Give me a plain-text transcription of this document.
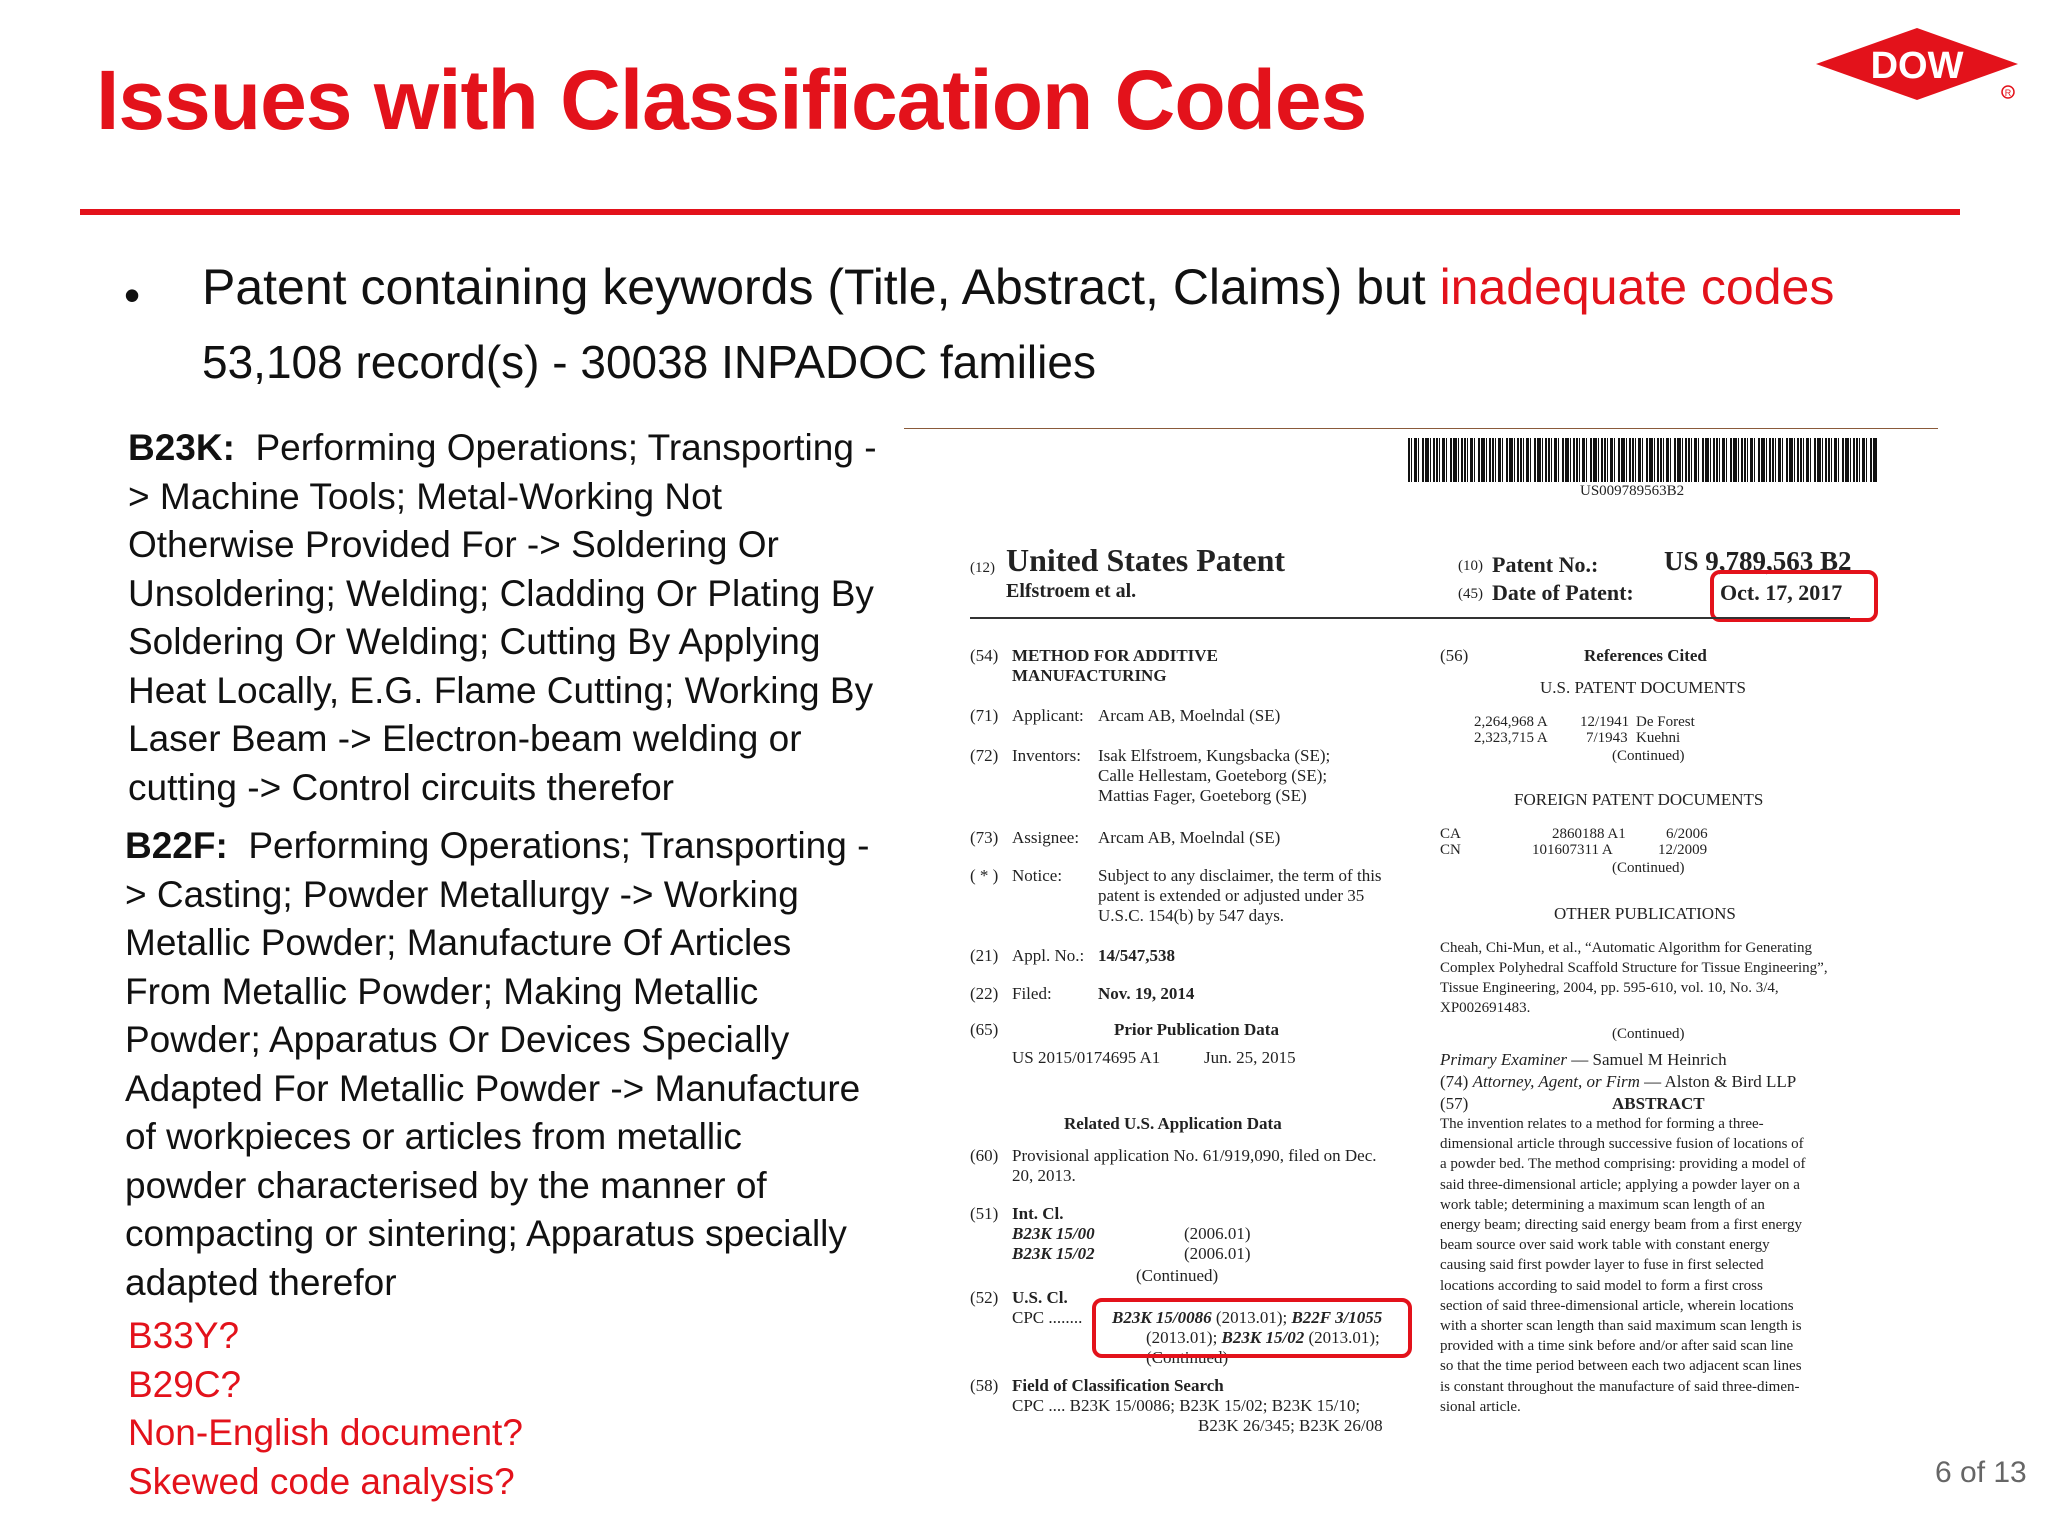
Issues with Classification Codes	DOW
R
• Patent containing keywords (Title, Abstract, Claims) but inadequate codes
53,108 record(s) - 30038 INPADOC families
B23K: Performing Operations; Transporting -
> Machine Tools; Metal-Working Not
Otherwise Provided For -> Soldering Or
Unsoldering; Welding; Cladding Or Plating By
Soldering Or Welding; Cutting By Applying
Heat Locally, E.G. Flame Cutting; Working By
Laser Beam -> Electron-beam welding or
cutting -> Control circuits therefor
B22F: Performing Operations; Transporting -
> Casting; Powder Metallurgy -> Working
Metallic Powder; Manufacture Of Articles
From Metallic Powder; Making Metallic
Powder; Apparatus Or Devices Specially
Adapted For Metallic Powder -> Manufacture
of workpieces or articles from metallic
powder characterised by the manner of
compacting or sintering; Apparatus specially
adapted therefor
B33Y?
B29C?
Non-English document?
Skewed code analysis?	6 of 13
US009789563B2
(12) United States Patent
Elfstroem et al.
(10) Patent No.: US 9,789,563 B2
(45) Date of Patent:	Oct. 17, 2017
(54) METHOD FOR ADDITIVE
MANUFACTURING
(71) Applicant: Arcam AB, Moelndal (SE)
(72) Inventors: Isak Elfstroem, Kungsbacka (SE);
Calle Hellestam, Goeteborg (SE);
Mattias Fager, Goeteborg (SE)
(73) Assignee: Arcam AB, Moelndal (SE)
( * ) Notice: Subject to any disclaimer, the term of this
patent is extended or adjusted under 35
U.S.C. 154(b) by 547 days.
(21) Appl. No.: 14/547,538
(22) Filed:	Nov. 19, 2014
(65)	Prior Publication Data
US 2015/0174695 A1	Jun. 25, 2015
Related U.S. Application Data
(60) Provisional application No. 61/919,090, filed on Dec.
20, 2013.
(51) Int. Cl.
B23K 15/00	(2006.01)
B23K 15/02	(2006.01)
(Continued)
(52) U.S. Cl.
CPC ........ B23K 15/0086 (2013.01); B22F 3/1055
(2013.01); B23K 15/02 (2013.01);
(Continued)
(58) Field of Classification Search
CPC .... B23K 15/0086; B23K 15/02; B23K 15/10;
B23K 26/345; B23K 26/08
(56)	References Cited
U.S. PATENT DOCUMENTS
2,264,968 A 12/1941 De Forest
2,323,715 A	7/1943 Kuehni
(Continued)
FOREIGN PATENT DOCUMENTS
CA	2860188 A1	6/2006
CN	101607311 A	12/2009
(Continued)
OTHER PUBLICATIONS
Cheah, Chi-Mun, et al., “Automatic Algorithm for Generating
Complex Polyhedral Scaffold Structure for Tissue Engineering”,
Tissue Engineering, 2004, pp. 595-610, vol. 10, No. 3/4,
XP002691483.
(Continued)
Primary Examiner — Samuel M Heinrich
(74) Attorney, Agent, or Firm — Alston & Bird LLP
(57)	ABSTRACT
The invention relates to a method for forming a three-
dimensional article through successive fusion of locations of
a powder bed. The method comprising: providing a model of
said three-dimensional article; applying a powder layer on a
work table; determining a maximum scan length of an
energy beam; directing said energy beam from a first energy
beam source over said work table with constant energy
causing said first powder layer to fuse in first selected
locations according to said model to form a first cross
section of said three-dimensional article, wherein locations
with a shorter scan length than said maximum scan length is
provided with a time sink before and/or after said scan line
so that the time period between each two adjacent scan lines
is constant throughout the manufacture of said three-dimen-
sional article.
